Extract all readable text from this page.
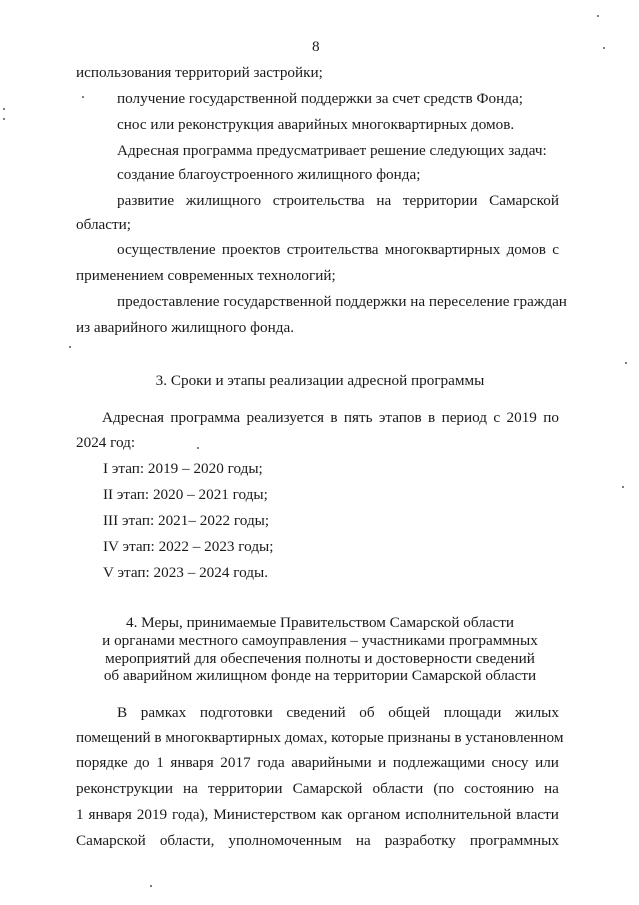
8
использования территорий застройки;
получение государственной поддержки за счет средств Фонда;
снос или реконструкция аварийных многоквартирных домов.
Адресная программа предусматривает решение следующих задач:
создание благоустроенного жилищного фонда;
развитие жилищного строительства на территории Самарской
области;
осуществление проектов строительства многоквартирных домов с
применением современных технологий;
предоставление государственной поддержки на переселение граждан
из аварийного жилищного фонда.
3. Сроки и этапы реализации адресной программы
Адресная программа реализуется в пять этапов в период с 2019 по
2024 год:
I этап: 2019 – 2020 годы;
II этап: 2020 – 2021 годы;
III этап: 2021– 2022 годы;
IV этап: 2022 – 2023 годы;
V этап: 2023 – 2024 годы.
4. Меры, принимаемые Правительством Самарской области
и органами местного самоуправления – участниками программных
мероприятий для обеспечения полноты и достоверности сведений
об аварийном жилищном фонде на территории Самарской области
В рамках подготовки сведений об общей площади жилых
помещений в многоквартирных домах, которые признаны в установленном
порядке до 1 января 2017 года аварийными и подлежащими сносу или
реконструкции на территории Самарской области (по состоянию на
1 января 2019 года), Министерством как органом исполнительной власти
Самарской области, уполномоченным на разработку программных
